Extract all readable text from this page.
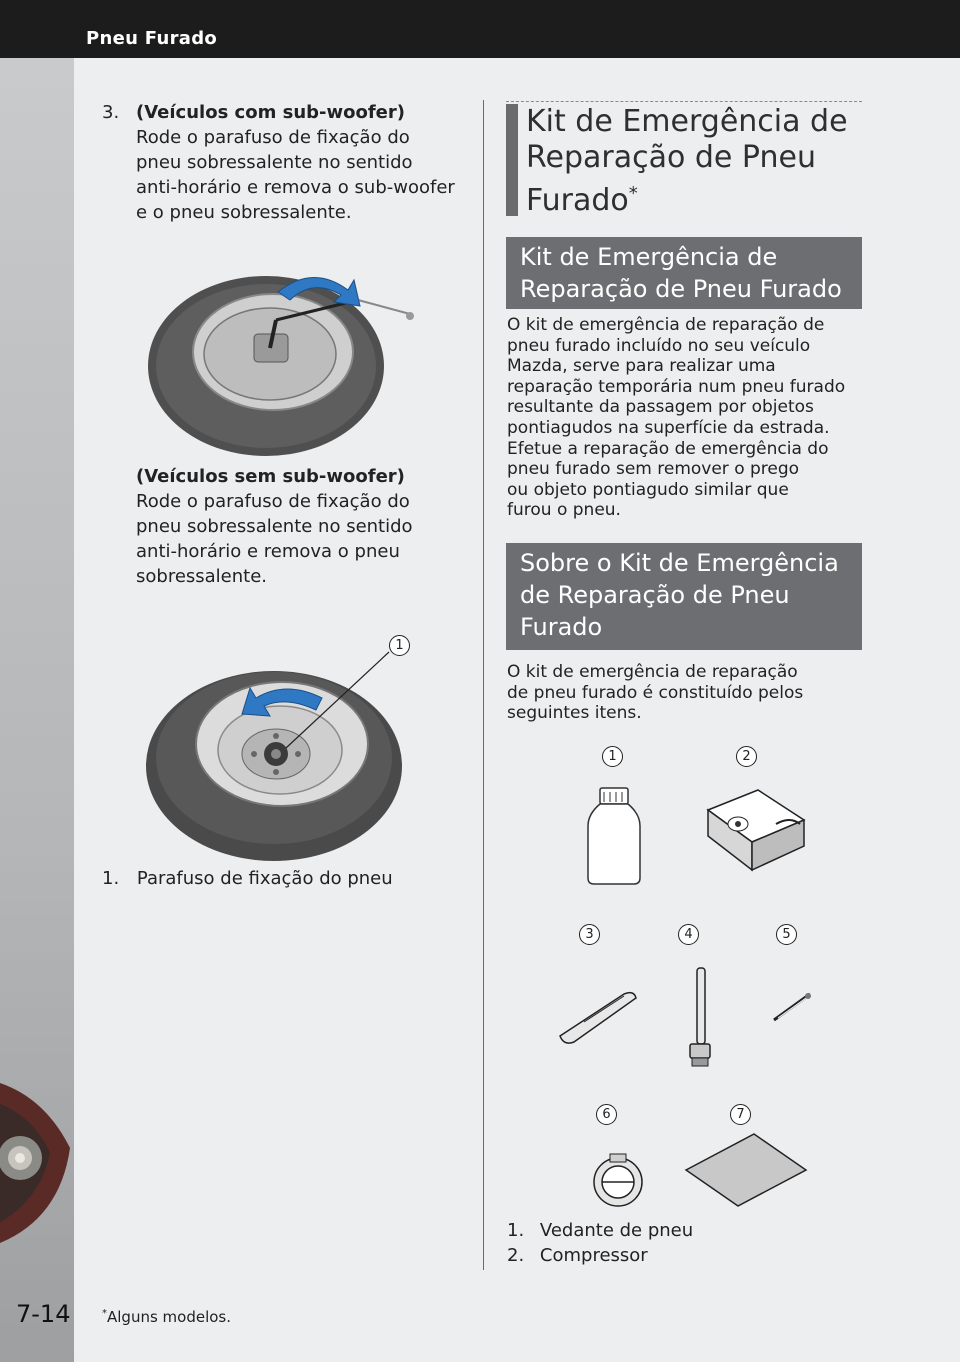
Pneu Furado
7-14
3. (Veículos com sub-woofer)
Rode o parafuso de fixação do pneu sobressalente no sentido anti-horário e remova o sub-woofer e o pneu sobressalente.
(Veículos sem sub-woofer)
Rode o parafuso de fixação do pneu sobressalente no sentido anti-horário e remova o pneu sobressalente.
1
1. Parafuso de fixação do pneu
Kit de Emergência de
Reparação de Pneu
Furado*
Kit de Emergência de
Reparação de Pneu Furado
O kit de emergência de reparação de
pneu furado incluído no seu veículo
Mazda, serve para realizar uma
reparação temporária num pneu furado
resultante da passagem por objetos
pontiagudos na superfície da estrada.
Efetue a reparação de emergência do
pneu furado sem remover o prego
ou objeto pontiagudo similar que
furou o pneu.
Sobre o Kit de Emergência
de Reparação de Pneu
Furado
O kit de emergência de reparação
de pneu furado é constituído pelos
seguintes itens.
1	2
3	4	5
6	7
1. Vedante de pneu
2. Compressor
*Alguns modelos.
